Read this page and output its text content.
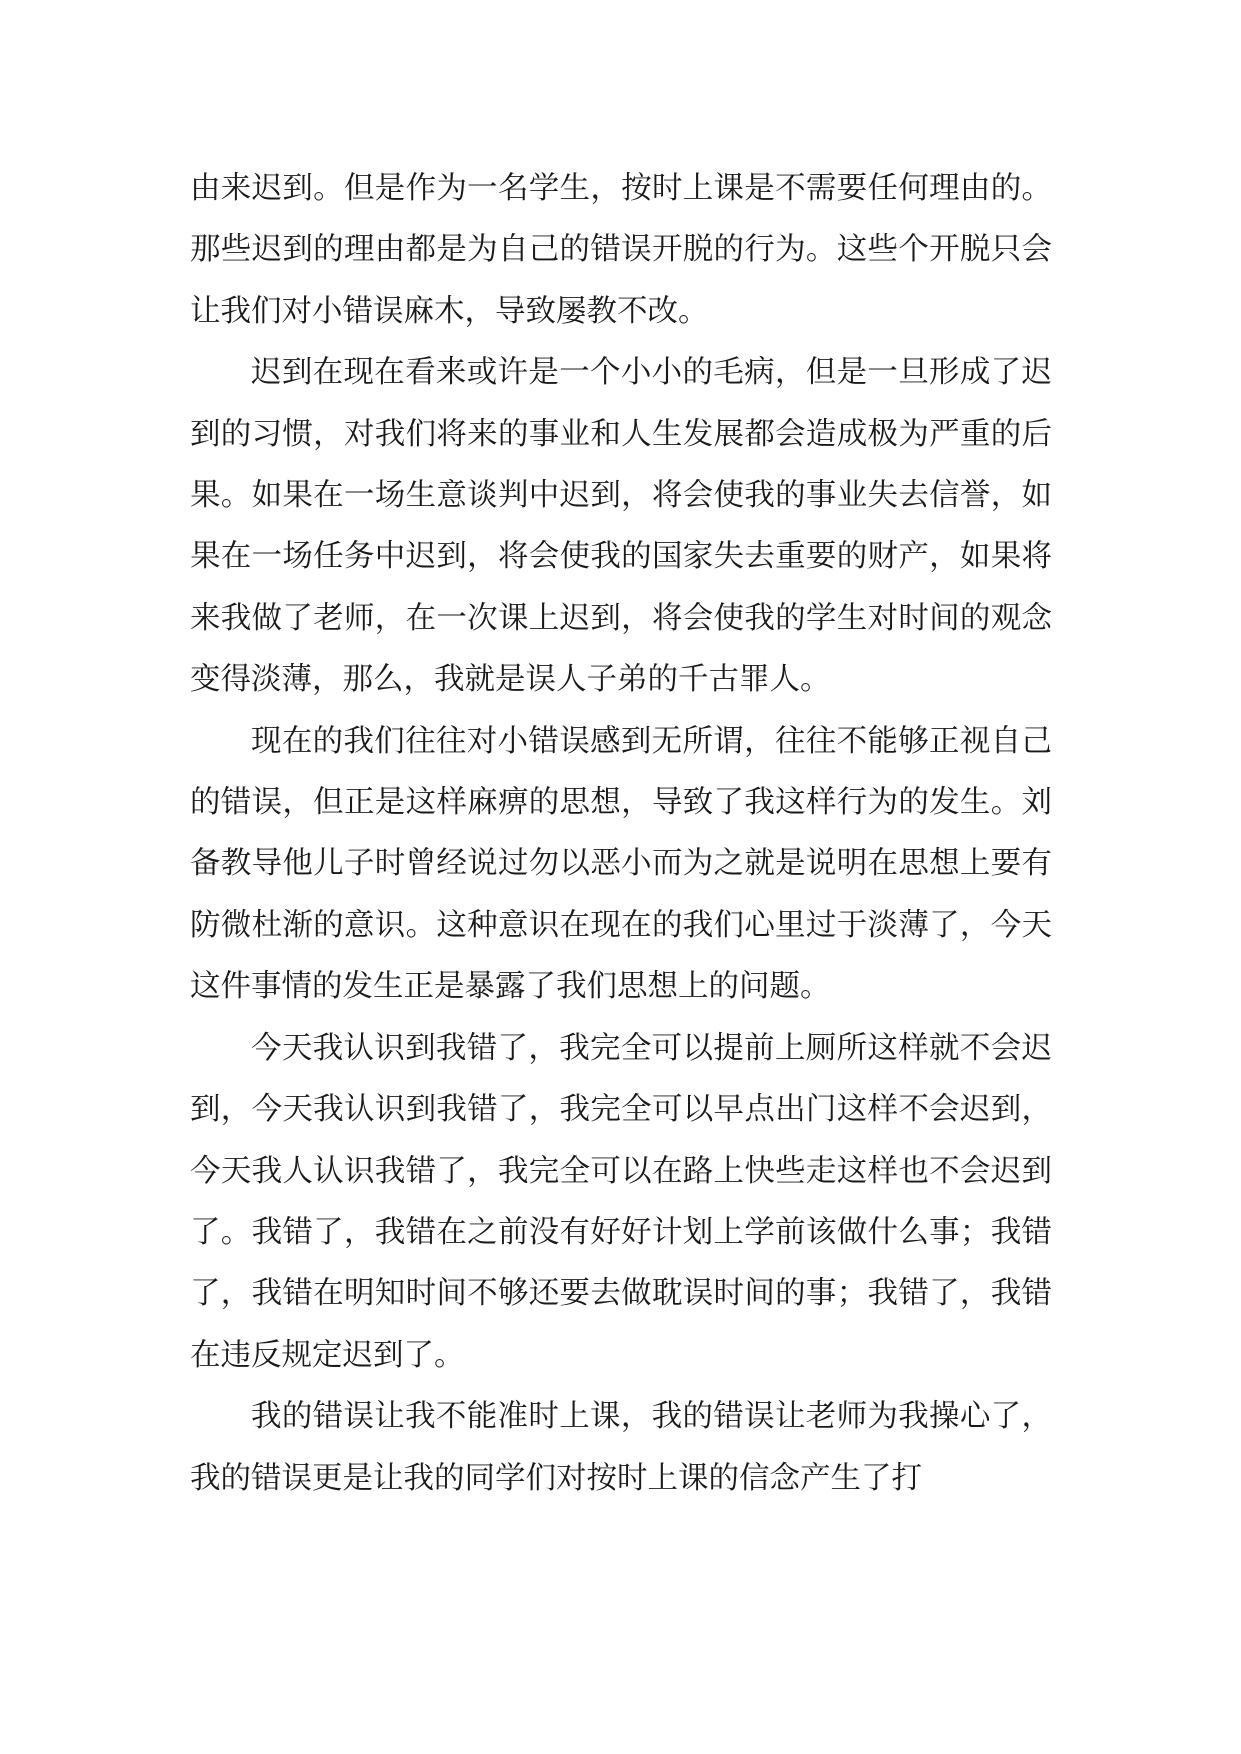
由来迟到。但是作为一名学生，按时上课是不需要任何理由的。那些迟到的理由都是为自己的错误开脱的行为。这些个开脱只会让我们对小错误麻木，导致屡教不改。

迟到在现在看来或许是一个小小的毛病，但是一旦形成了迟到的习惯，对我们将来的事业和人生发展都会造成极为严重的后果。如果在一场生意谈判中迟到，将会使我的事业失去信誉，如果在一场任务中迟到，将会使我的国家失去重要的财产，如果将来我做了老师，在一次课上迟到，将会使我的学生对时间的观念变得淡薄，那么，我就是误人子弟的千古罪人。

现在的我们往往对小错误感到无所谓，往往不能够正视自己的错误，但正是这样麻痹的思想，导致了我这样行为的发生。刘备教导他儿子时曾经说过勿以恶小而为之就是说明在思想上要有防微杜渐的意识。这种意识在现在的我们心里过于淡薄了，今天这件事情的发生正是暴露了我们思想上的问题。

今天我认识到我错了，我完全可以提前上厕所这样就不会迟到，今天我认识到我错了，我完全可以早点出门这样不会迟到，今天我人认识我错了，我完全可以在路上快些走这样也不会迟到了。我错了，我错在之前没有好好计划上学前该做什么事；我错了，我错在明知时间不够还要去做耽误时间的事；我错了，我错在违反规定迟到了。

我的错误让我不能准时上课，我的错误让老师为我操心了，我的错误更是让我的同学们对按时上课的信念产生了打
